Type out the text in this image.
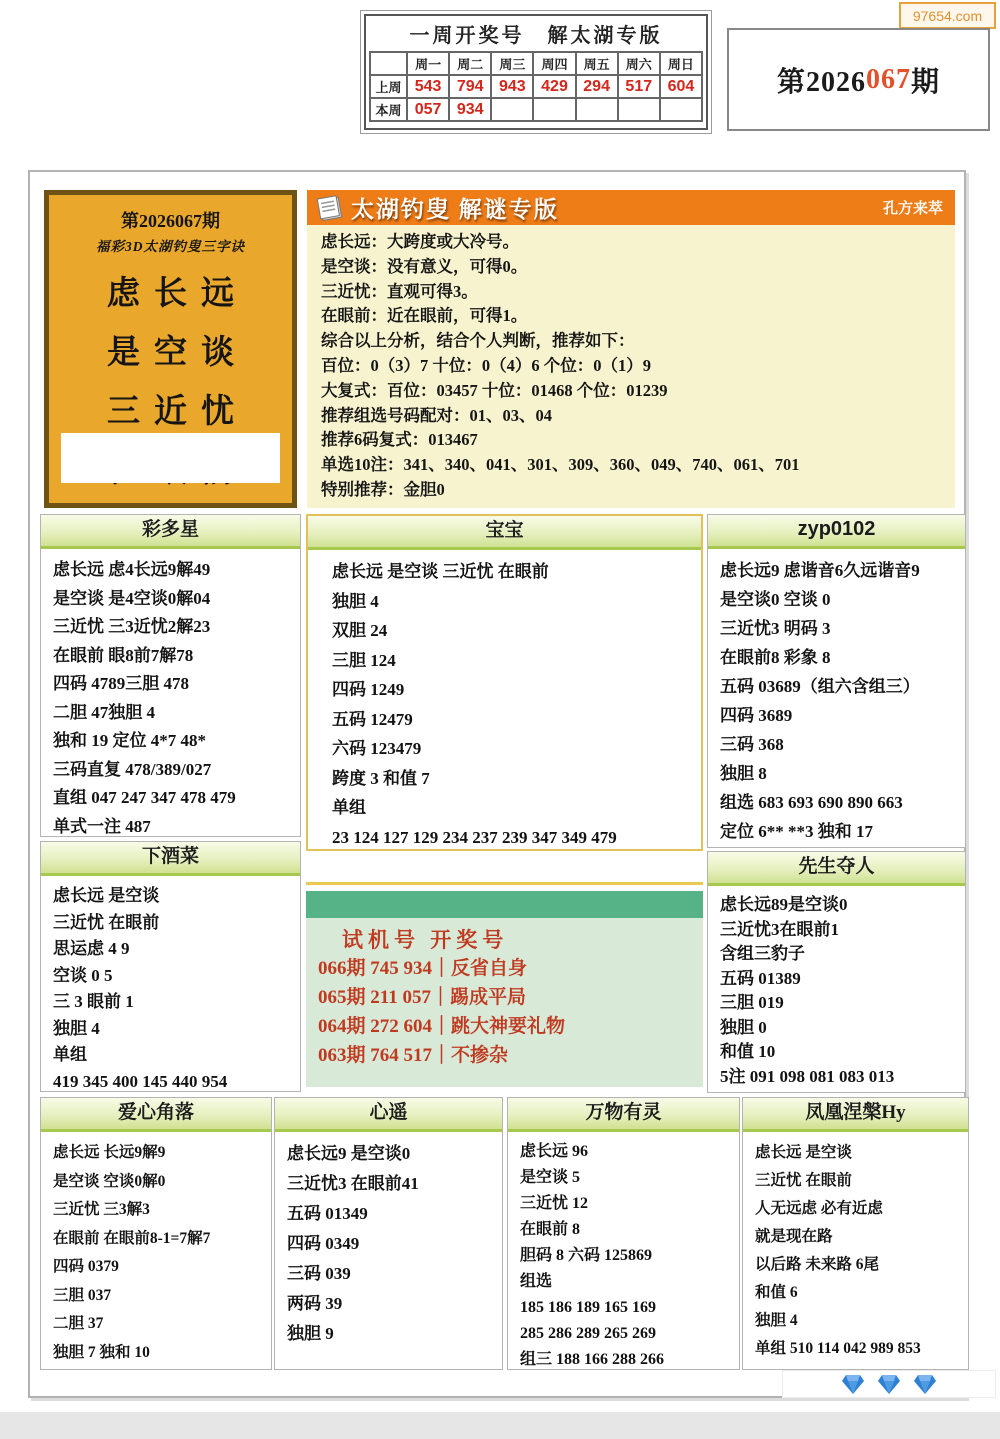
97654.com
一周开奖号　解太湖专版
	周一	周二	周三	周四	周五	周六	周日
上周	543	794	943	429	294	517	604
本周	057	934					
第2026 067 期
第2026067期
福彩3D太湖钓叟三字诀
虑长远
是空谈
三近忧
太湖钓叟 解谜专版	孔方来萃
虑长远：大跨度或大冷号。
是空谈：没有意义，可得0。
三近忧：直观可得3。
在眼前：近在眼前，可得1。
综合以上分析，结合个人判断，推荐如下：
百位：0（3）7 十位：0（4）6 个位：0（1）9
大复式：百位：03457 十位：01468 个位：01239
推荐组选号码配对：01、03、04
推荐6码复式：013467
单选10注：341、340、041、301、309、360、049、740、061、701
特别推荐：金胆0
彩多星
虑长远 虑4长远9解49
是空谈 是4空谈0解04
三近忧 三3近忧2解23
在眼前 眼8前7解78
四码 4789三胆 478
二胆 47独胆 4
独和 19 定位 4*7 48*
三码直复 478/389/027
直组 047 247 347 478 479
单式一注 487
宝宝
虑长远 是空谈 三近忧 在眼前
独胆 4
双胆 24
三胆 124
四码 1249
五码 12479
六码 123479
跨度 3 和值 7
单组
23 124 127 129 234 237 239 347 349 479
zyp0102
虑长远9 虑谐音6久远谐音9
是空谈0 空谈 0
三近忧3 明码 3
在眼前8 彩象 8
五码 03689（组六含组三）
四码 3689
三码 368
独胆 8
组选 683 693 690 890 663
定位 6** **3 独和 17
下酒菜
虑长远 是空谈
三近忧 在眼前
思运虑 4 9
空谈 0 5
三 3 眼前 1
独胆 4
单组
419 345 400 145 440 954
先生夺人
虑长远89是空谈0
三近忧3在眼前1
含组三豹子
五码 01389
三胆 019
独胆 0
和值 10
5注 091 098 081 083 013
试机号 开奖号
066期 745 934｜反省自身
065期 211 057｜踢成平局
064期 272 604｜跳大神要礼物
063期 764 517｜不掺杂
爱心角落
虑长远 长远9解9
是空谈 空谈0解0
三近忧 三3解3
在眼前 在眼前8-1=7解7
四码 0379
三胆 037
二胆 37
独胆 7 独和 10
心遥
虑长远9 是空谈0
三近忧3 在眼前41
五码 01349
四码 0349
三码 039
两码 39
独胆 9
万物有灵
虑长远 96
是空谈 5
三近忧 12
在眼前 8
胆码 8 六码 125869
组选
185 186 189 165 169
285 286 289 265 269
组三 188 166 288 266
凤凰涅槃Hy
虑长远 是空谈
三近忧 在眼前
人无远虑 必有近虑
就是现在路
以后路 未来路 6尾
和值 6
独胆 4
单组 510 114 042 989 853
